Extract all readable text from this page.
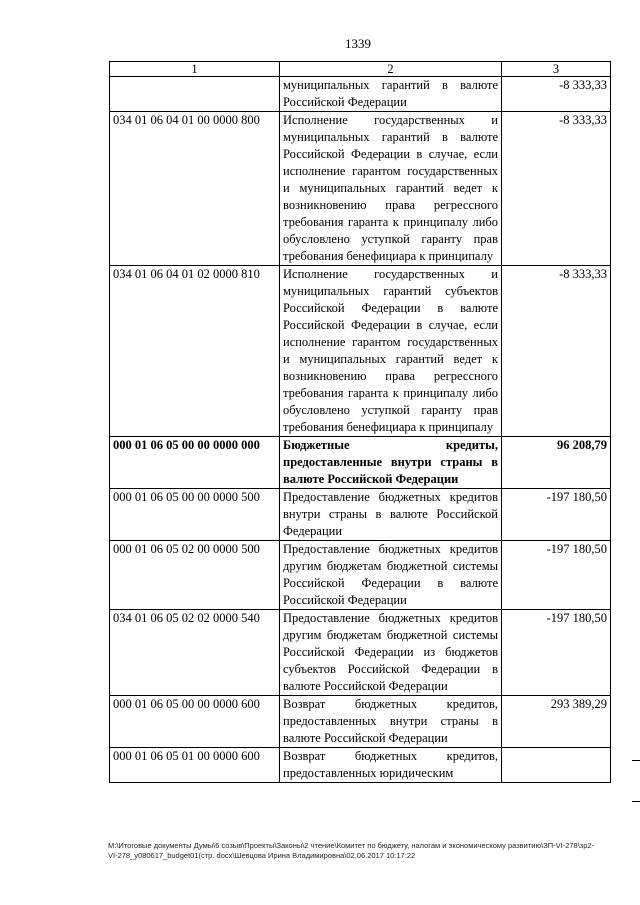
1339
1	2	3
	муниципальных гарантий в валюте Российской Федерации	-8 333,33
034 01 06 04 01 00 0000 800	Исполнение государственных и муниципальных гарантий в валюте Российской Федерации в случае, если исполнение гарантом государственных и муниципальных гарантий ведет к возникновению права регрессного требования гаранта к принципалу либо обусловлено уступкой гаранту прав требования бенефициара к принципалу	-8 333,33
034 01 06 04 01 02 0000 810	Исполнение государственных и муниципальных гарантий субъектов Российской Федерации в валюте Российской Федерации в случае, если исполнение гарантом государственных и муниципальных гарантий ведет к возникновению права регрессного требования гаранта к принципалу либо обусловлено уступкой гаранту прав требования бенефициара к принципалу	-8 333,33
000 01 06 05 00 00 0000 000	Бюджетные кредиты, предоставленные внутри страны в валюте Российской Федерации	96 208,79
000 01 06 05 00 00 0000 500	Предоставление бюджетных кредитов внутри страны в валюте Российской Федерации	-197 180,50
000 01 06 05 02 00 0000 500	Предоставление бюджетных кредитов другим бюджетам бюджетной системы Российской Федерации в валюте Российской Федерации	-197 180,50
034 01 06 05 02 02 0000 540	Предоставление бюджетных кредитов другим бюджетам бюджетной системы Российской Федерации из бюджетов субъектов Российской Федерации в валюте Российской Федерации	-197 180,50
000 01 06 05 00 00 0000 600	Возврат бюджетных кредитов, предоставленных внутри страны в валюте Российской Федерации	293 389,29
000 01 06 05 01 00 0000 600	Возврат бюджетных кредитов, предоставленных юридическим	
М:\Итоговые документы Думы\6 созыв\Проекты\Законы\2 чтение\Комитет по бюджету, налогам и экономическому развитию\ЗП-VI-278\зр2-VI-278_у080617_budget01(стр. docx\Шевцова Ирина Владимировна\02.06.2017 10:17:22
